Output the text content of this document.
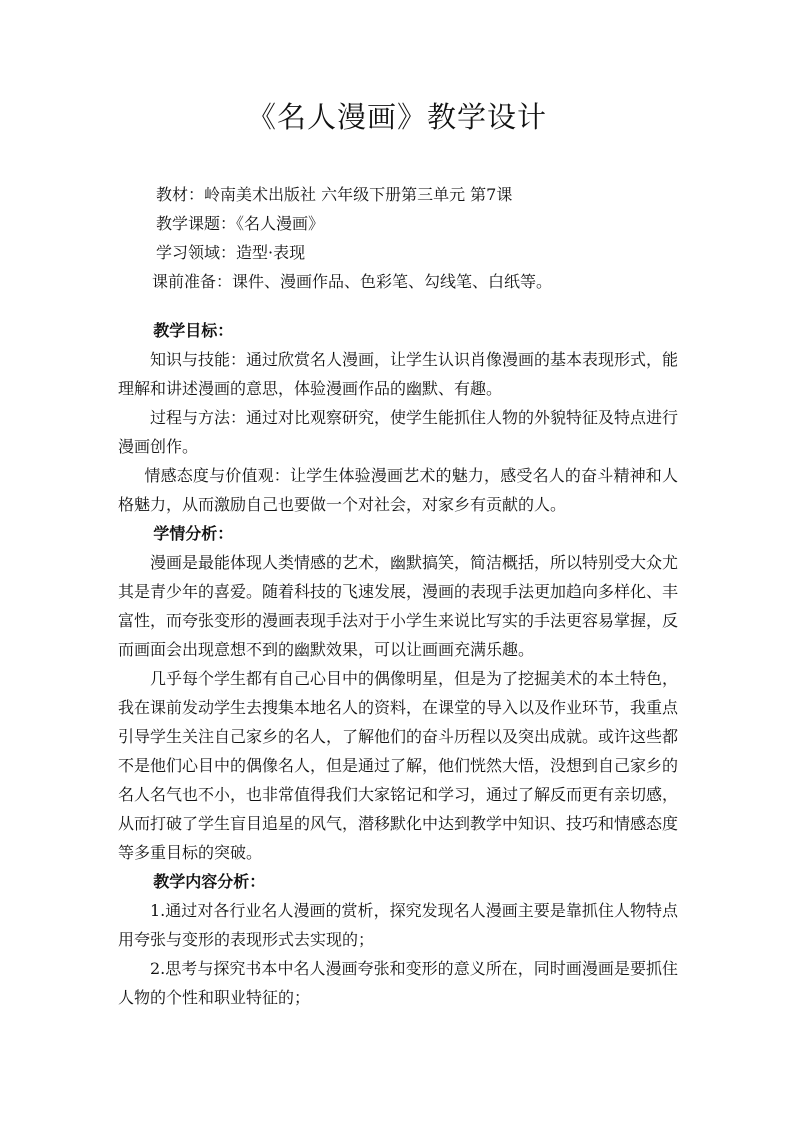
《名人漫画》教学设计
教材：岭南美术出版社 六年级下册第三单元 第7课
教学课题：《名人漫画》
学习领域：造型·表现
课前准备：课件、漫画作品、色彩笔、勾线笔、白纸等。

教学目标：

知识与技能：通过欣赏名人漫画，让学生认识肖像漫画的基本表现形式，能理解和讲述漫画的意思，体验漫画作品的幽默、有趣。

过程与方法：通过对比观察研究，使学生能抓住人物的外貌特征及特点进行漫画创作。

情感态度与价值观：让学生体验漫画艺术的魅力，感受名人的奋斗精神和人格魅力，从而激励自己也要做一个对社会，对家乡有贡献的人。

学情分析：

漫画是最能体现人类情感的艺术，幽默搞笑，简洁概括，所以特别受大众尤其是青少年的喜爱。随着科技的飞速发展，漫画的表现手法更加趋向多样化、丰富性，而夸张变形的漫画表现手法对于小学生来说比写实的手法更容易掌握，反而画面会出现意想不到的幽默效果，可以让画画充满乐趣。

几乎每个学生都有自己心目中的偶像明星，但是为了挖掘美术的本土特色，我在课前发动学生去搜集本地名人的资料，在课堂的导入以及作业环节，我重点引导学生关注自己家乡的名人，了解他们的奋斗历程以及突出成就。或许这些都不是他们心目中的偶像名人，但是通过了解，他们恍然大悟，没想到自己家乡的名人名气也不小，也非常值得我们大家铭记和学习，通过了解反而更有亲切感，从而打破了学生盲目追星的风气，潜移默化中达到教学中知识、技巧和情感态度等多重目标的突破。

教学内容分析：

1.通过对各行业名人漫画的赏析，探究发现名人漫画主要是靠抓住人物特点用夸张与变形的表现形式去实现的；

2.思考与探究书本中名人漫画夸张和变形的意义所在，同时画漫画是要抓住人物的个性和职业特征的；
